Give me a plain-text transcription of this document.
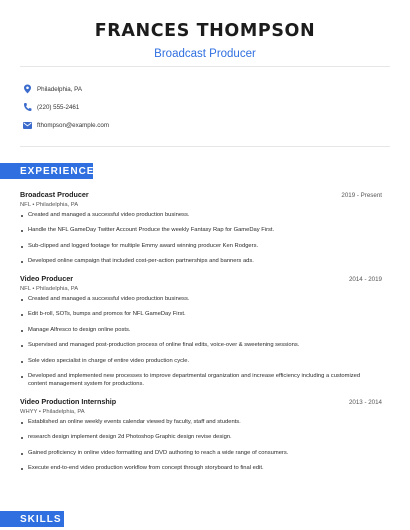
FRANCES THOMPSON
Broadcast Producer
Philadelphia, PA
(220) 555-2461
fthompson@example.com
EXPERIENCE
Broadcast Producer	2019 - Present
NFL • Philadelphia, PA
Created and managed a successful video production business.
Handle the NFL GameDay Twitter Account Produce the weekly Fantasy Rap for GameDay First.
Sub-clipped and logged footage for multiple Emmy award winning producer Ken Rodgers.
Developed online campaign that included cost-per-action partnerships and banners ads.
Video Producer	2014 - 2019
NFL • Philadelphia, PA
Created and managed a successful video production business.
Edit b-roll, SOTs, bumps and promos for NFL GameDay First.
Manage Alfresco to design online posts.
Supervised and managed post-production process of online final edits, voice-over & sweetening sessions.
Sole video specialist in charge of entire video production cycle.
Developed and implemented new processes to improve departmental organization and increase efficiency including a customized
content management system for productions.
Video Production Internship	2013 - 2014
WHYY • Philadelphia, PA
Established an online weekly events calendar viewed by faculty, staff and students.
research design implement design 2d Photoshop Graphic design revise design.
Gained proficiency in online video formatting and DVD authoring to reach a wide range of consumers.
Execute end-to-end video production workflow from concept through storyboard to final edit.
SKILLS
